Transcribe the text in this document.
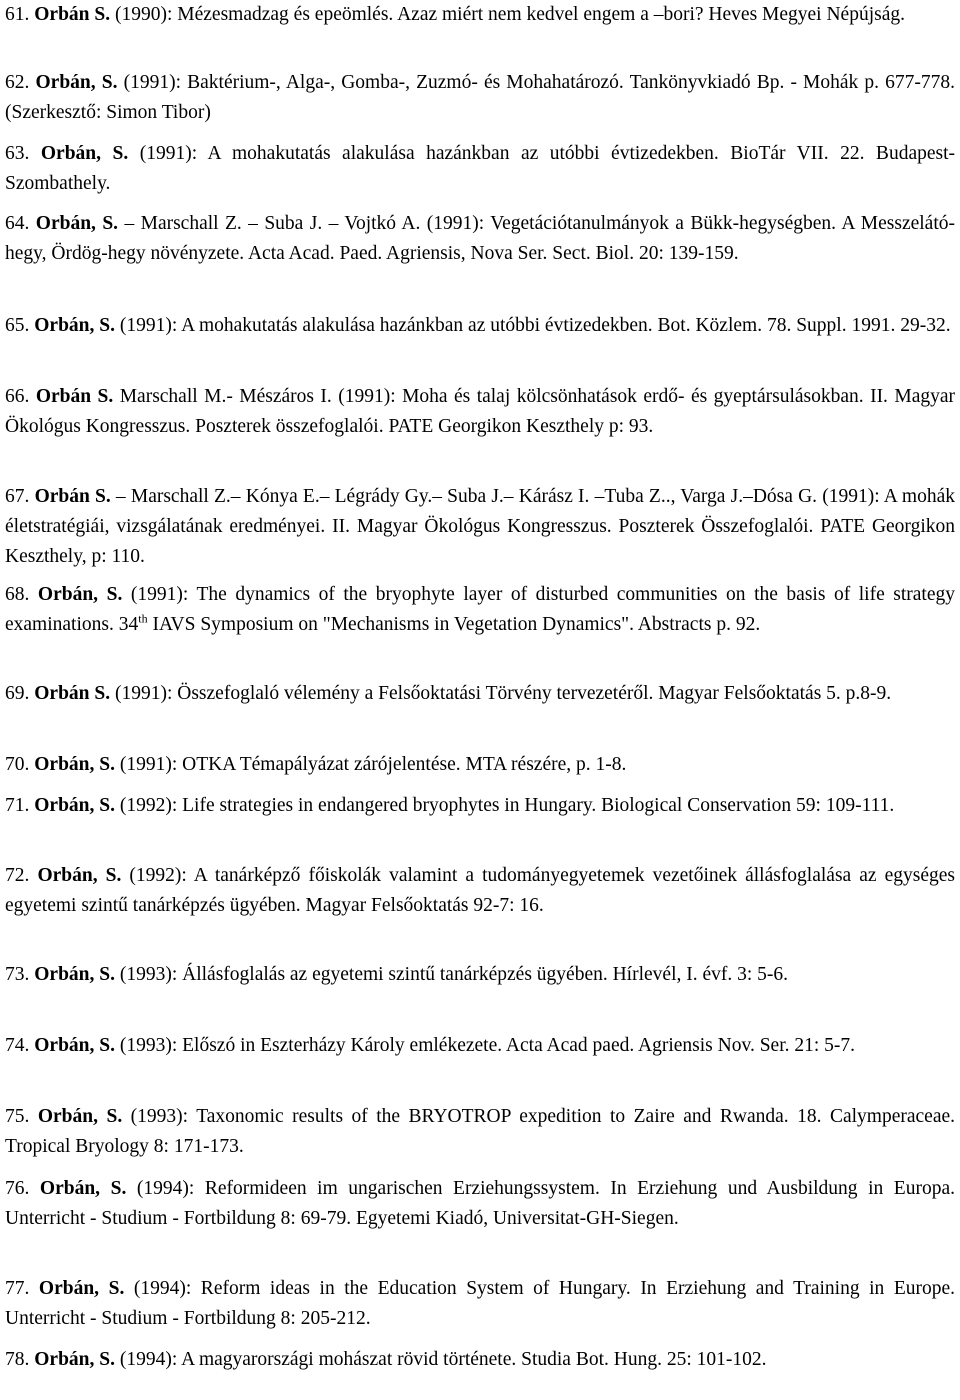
61. Orbán S. (1990): Mézesmadzag és epeömlés. Azaz miért nem kedvel engem a –bori? Heves Megyei Népújság.

62. Orbán, S. (1991): Baktérium-, Alga-, Gomba-, Zuzmó- és Mohahatározó. Tankönyvkiadó Bp. - Mohák p. 677-778. (Szerkesztő: Simon Tibor)

63. Orbán, S. (1991): A mohakutatás alakulása hazánkban az utóbbi évtizedekben. BioTár VII. 22. Budapest-Szombathely.

64. Orbán, S. – Marschall Z. – Suba J. – Vojtkó A. (1991): Vegetációtanulmányok a Bükk-hegységben. A Messzelátó-hegy, Ördög-hegy növényzete. Acta Acad. Paed. Agriensis, Nova Ser. Sect. Biol. 20: 139-159.

65. Orbán, S. (1991): A mohakutatás alakulása hazánkban az utóbbi évtizedekben. Bot. Közlem. 78. Suppl. 1991. 29-32.

66. Orbán S. Marschall M.- Mészáros I. (1991): Moha és talaj kölcsönhatások erdő- és gyeptársulásokban. II. Magyar Ökológus Kongresszus. Poszterek összefoglalói. PATE Georgikon Keszthely p: 93.

67. Orbán S. – Marschall Z.– Kónya E.– Légrády Gy.– Suba J.– Kárász I. –Tuba Z.., Varga J.–Dósa G. (1991): A mohák életstratégiái, vizsgálatának eredményei. II. Magyar Ökológus Kongresszus. Poszterek Összefoglalói. PATE Georgikon Keszthely, p: 110.

68. Orbán, S. (1991): The dynamics of the bryophyte layer of disturbed communities on the basis of life strategy examinations. 34th IAVS Symposium on "Mechanisms in Vegetation Dynamics". Abstracts p. 92.

69. Orbán S. (1991): Összefoglaló vélemény a Felsőoktatási Törvény tervezetéről. Magyar Felsőoktatás 5. p.8-9.

70. Orbán, S. (1991): OTKA Témapályázat zárójelentése. MTA részére, p. 1-8.

71. Orbán, S. (1992): Life strategies in endangered bryophytes in Hungary. Biological Conservation 59: 109-111.

72. Orbán, S. (1992): A tanárképző főiskolák valamint a tudományegyetemek vezetőinek állásfoglalása az egységes egyetemi szintű tanárképzés ügyében. Magyar Felsőoktatás 92-7: 16.

73. Orbán, S. (1993): Állásfoglalás az egyetemi szintű tanárképzés ügyében. Hírlevél, I. évf. 3: 5-6.

74. Orbán, S. (1993): Előszó in Eszterházy Károly emlékezete. Acta Acad paed. Agriensis Nov. Ser. 21: 5-7.

75. Orbán, S. (1993): Taxonomic results of the BRYOTROP expedition to Zaire and Rwanda. 18. Calymperaceae. Tropical Bryology 8: 171-173.

76. Orbán, S. (1994): Reformideen im ungarischen Erziehungssystem. In Erziehung und Ausbildung in Europa. Unterricht - Studium - Fortbildung 8: 69-79. Egyetemi Kiadó, Universitat-GH-Siegen.

77. Orbán, S. (1994): Reform ideas in the Education System of Hungary. In Erziehung and Training in Europe. Unterricht - Studium - Fortbildung 8: 205-212.

78. Orbán, S. (1994): A magyarországi mohászat rövid története. Studia Bot. Hung. 25: 101-102.
